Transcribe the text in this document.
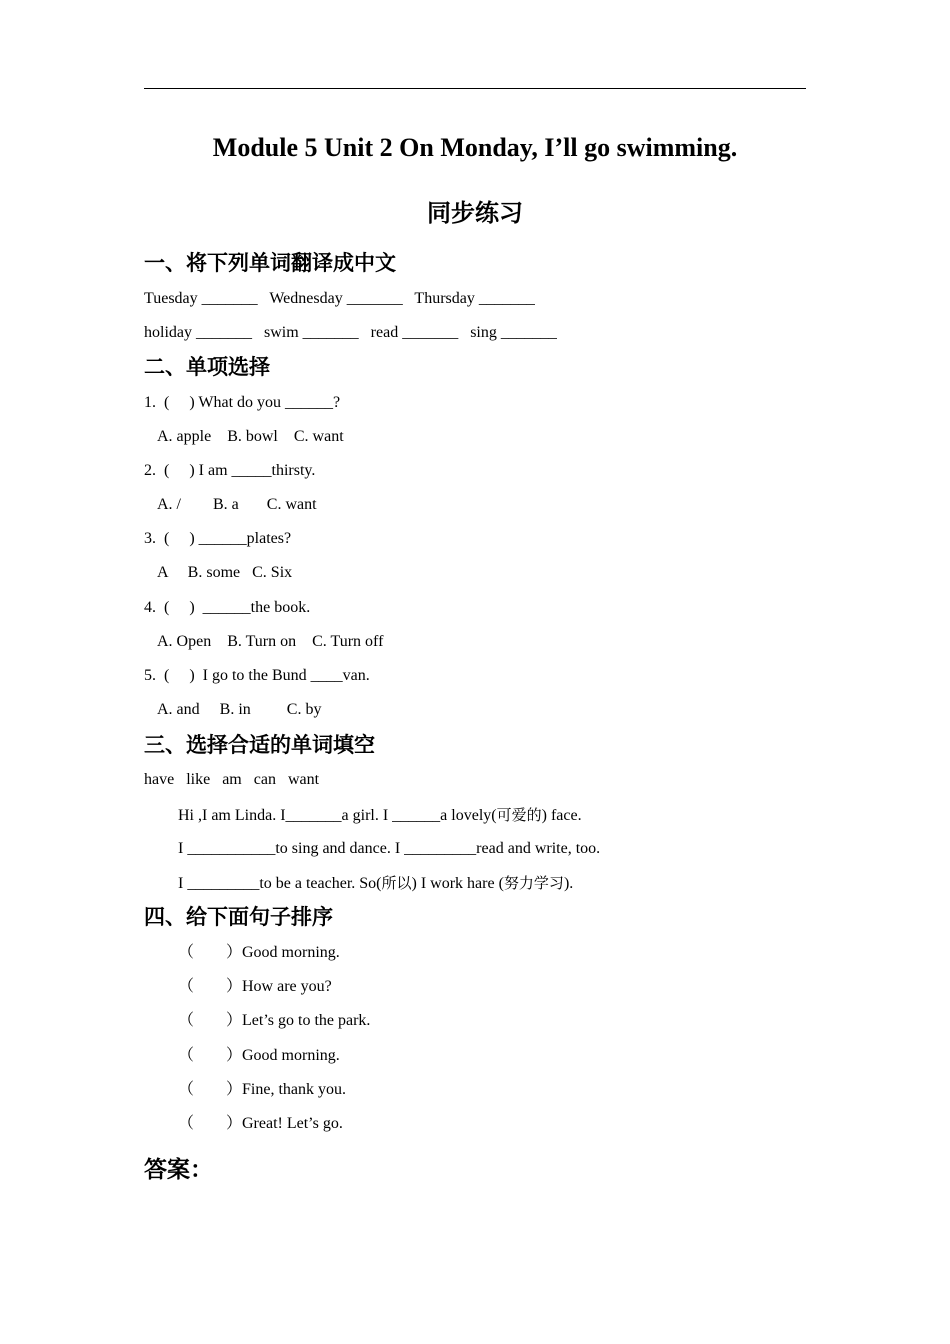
Module 5 Unit 2 On Monday, I’ll go swimming.
同步练习
一、将下列单词翻译成中文
Tuesday _______   Wednesday _______   Thursday _______
holiday _______   swim _______   read _______   sing _______
二、单项选择
1.  (     ) What do you ______?
A. apple    B. bowl    C. want
2.  (     ) I am _____thirsty.
A. /        B. a       C. want
3.  (     ) ______plates?
A     B. some   C. Six
4.  (     )  ______the book.
A. Open    B. Turn on    C. Turn off
5.  (     )  I go to the Bund ____van.
A. and     B. in         C. by
三、选择合适的单词填空
have   like   am   can   want
Hi ,I am Linda. I_______a girl. I ______a lovely(可爱的) face.
I ___________to sing and dance. I _________read and write, too.
I _________to be a teacher. So(所以) I work hare (努力学习).
四、给下面句子排序
（        ）Good morning.
（        ）How are you?
（        ）Let’s go to the park.
（        ）Good morning.
（        ）Fine, thank you.
（        ）Great! Let’s go.
答案：
